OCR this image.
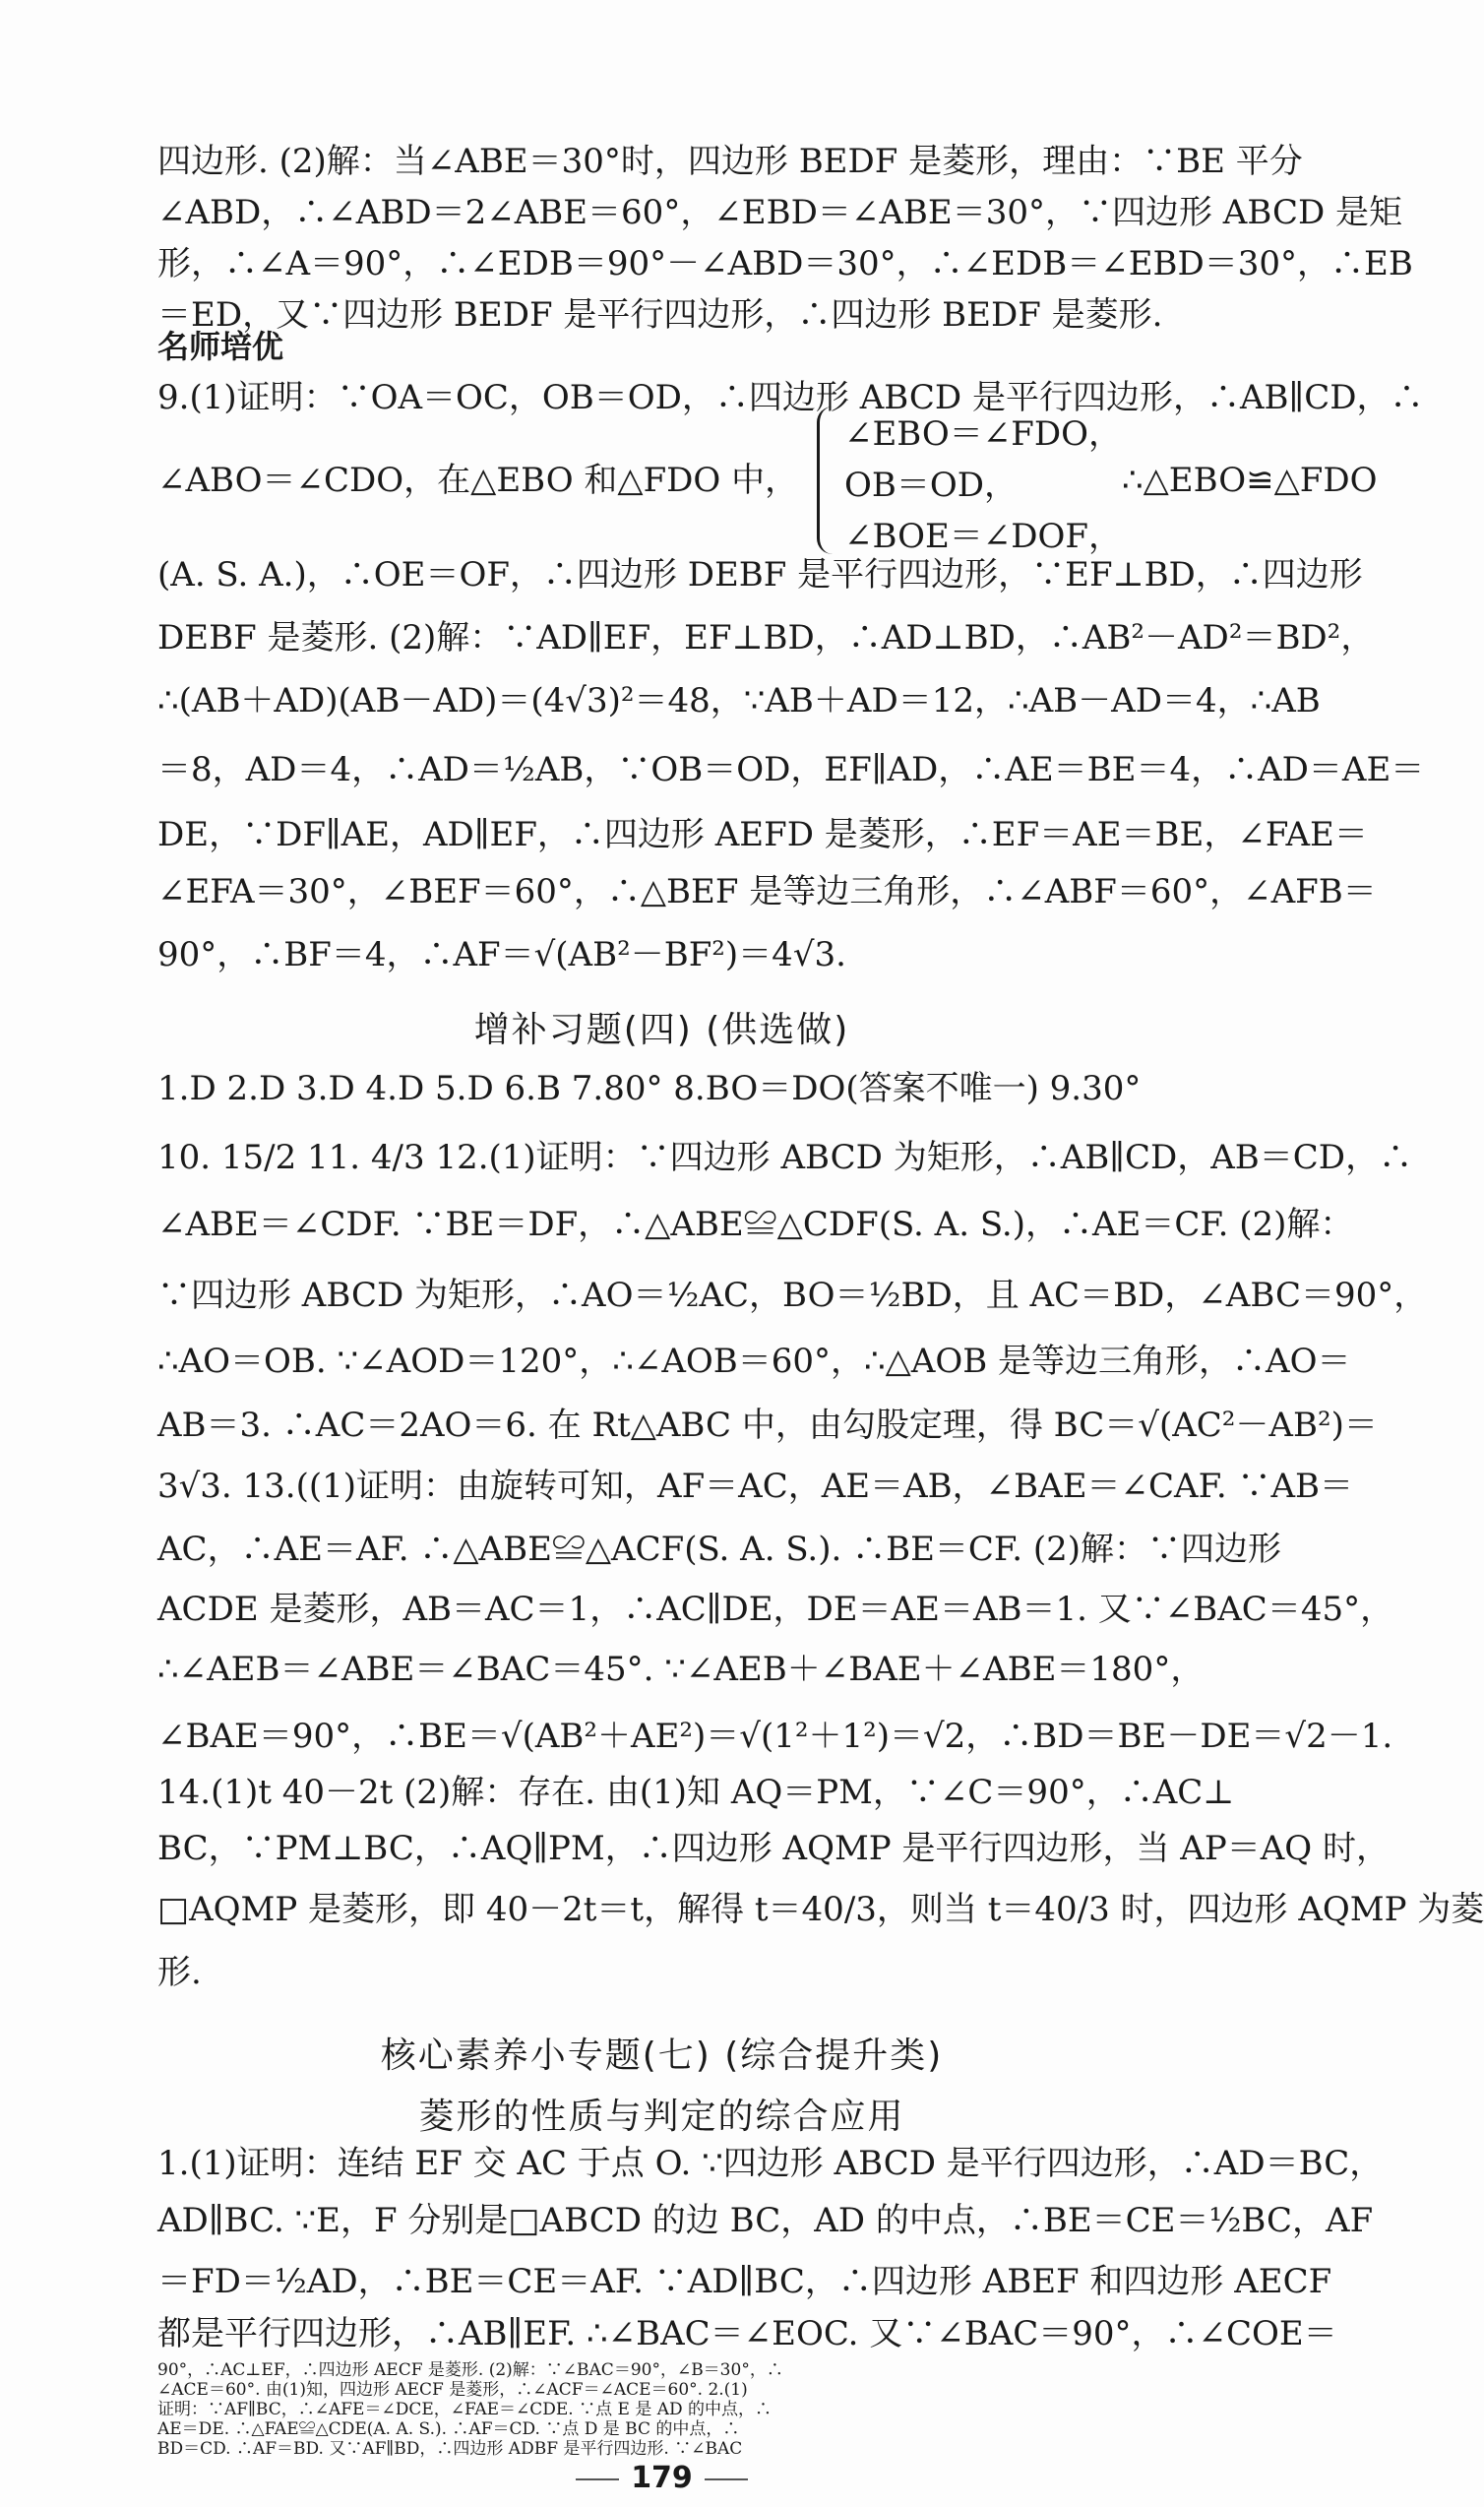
四边形. (2)解：当∠ABE＝30°时，四边形 BEDF 是菱形，理由：∵BE 平分
∠ABD，∴∠ABD＝2∠ABE＝60°，∠EBD＝∠ABE＝30°，∵四边形 ABCD 是矩
形，∴∠A＝90°，∴∠EDB＝90°－∠ABD＝30°，∴∠EDB＝∠EBD＝30°，∴EB
＝ED，又∵四边形 BEDF 是平行四边形，∴四边形 BEDF 是菱形.
名师培优
9.(1)证明：∵OA＝OC，OB＝OD，∴四边形 ABCD 是平行四边形，∴AB∥CD，∴
∠ABO＝∠CDO，在△EBO 和△FDO 中，
∠EBO＝∠FDO，
OB＝OD，
∠BOE＝∠DOF，
∴△EBO≌△FDO
(A. S. A.)，∴OE＝OF，∴四边形 DEBF 是平行四边形，∵EF⊥BD，∴四边形
DEBF 是菱形. (2)解：∵AD∥EF，EF⊥BD，∴AD⊥BD，∴AB²－AD²＝BD²，
∴(AB＋AD)(AB－AD)＝(4√3)²＝48，∵AB＋AD＝12，∴AB－AD＝4，∴AB
＝8，AD＝4，∴AD＝½AB，∵OB＝OD，EF∥AD，∴AE＝BE＝4，∴AD＝AE＝
DE，∵DF∥AE，AD∥EF，∴四边形 AEFD 是菱形，∴EF＝AE＝BE，∠FAE＝
∠EFA＝30°，∠BEF＝60°，∴△BEF 是等边三角形，∴∠ABF＝60°，∠AFB＝
90°，∴BF＝4，∴AF＝√(AB²－BF²)＝4√3.
增补习题(四) (供选做)
1.D 2.D 3.D 4.D 5.D 6.B 7.80° 8.BO＝DO(答案不唯一) 9.30°
10. 15/2 11. 4/3 12.(1)证明：∵四边形 ABCD 为矩形，∴AB∥CD，AB＝CD，∴
∠ABE＝∠CDF. ∵BE＝DF，∴△ABE≌△CDF(S. A. S.)，∴AE＝CF. (2)解：
∵四边形 ABCD 为矩形，∴AO＝½AC，BO＝½BD，且 AC＝BD，∠ABC＝90°，
∴AO＝OB. ∵∠AOD＝120°，∴∠AOB＝60°，∴△AOB 是等边三角形，∴AO＝
AB＝3. ∴AC＝2AO＝6. 在 Rt△ABC 中，由勾股定理，得 BC＝√(AC²－AB²)＝
3√3. 13.((1)证明：由旋转可知，AF＝AC，AE＝AB，∠BAE＝∠CAF. ∵AB＝
AC，∴AE＝AF. ∴△ABE≌△ACF(S. A. S.). ∴BE＝CF. (2)解：∵四边形
ACDE 是菱形，AB＝AC＝1，∴AC∥DE，DE＝AE＝AB＝1. 又∵∠BAC＝45°，
∴∠AEB＝∠ABE＝∠BAC＝45°. ∵∠AEB＋∠BAE＋∠ABE＝180°，
∠BAE＝90°，∴BE＝√(AB²＋AE²)＝√(1²＋1²)＝√2，∴BD＝BE－DE＝√2－1.
14.(1)t 40－2t (2)解：存在. 由(1)知 AQ＝PM，∵∠C＝90°，∴AC⊥
BC，∵PM⊥BC，∴AQ∥PM，∴四边形 AQMP 是平行四边形，当 AP＝AQ 时，
□AQMP 是菱形，即 40－2t＝t，解得 t＝40/3，则当 t＝40/3 时，四边形 AQMP 为菱
形.
核心素养小专题(七) (综合提升类)
菱形的性质与判定的综合应用
1.(1)证明：连结 EF 交 AC 于点 O. ∵四边形 ABCD 是平行四边形，∴AD＝BC，
AD∥BC. ∵E，F 分别是□ABCD 的边 BC，AD 的中点，∴BE＝CE＝½BC，AF
＝FD＝½AD，∴BE＝CE＝AF. ∵AD∥BC，∴四边形 ABEF 和四边形 AECF
都是平行四边形，∴AB∥EF. ∴∠BAC＝∠EOC. 又∵∠BAC＝90°，∴∠COE＝
179
90°，∴AC⊥EF，∴四边形 AECF 是菱形. (2)解：∵∠BAC＝90°，∠B＝30°，∴
∠ACE＝60°. 由(1)知，四边形 AECF 是菱形，∴∠ACF＝∠ACE＝60°. 2.(1)
证明：∵AF∥BC，∴∠AFE＝∠DCE，∠FAE＝∠CDE. ∵点 E 是 AD 的中点，∴
AE＝DE. ∴△FAE≌△CDE(A. A. S.). ∴AF＝CD. ∵点 D 是 BC 的中点，∴
BD＝CD. ∴AF＝BD. 又∵AF∥BD，∴四边形 ADBF 是平行四边形. ∵∠BAC
